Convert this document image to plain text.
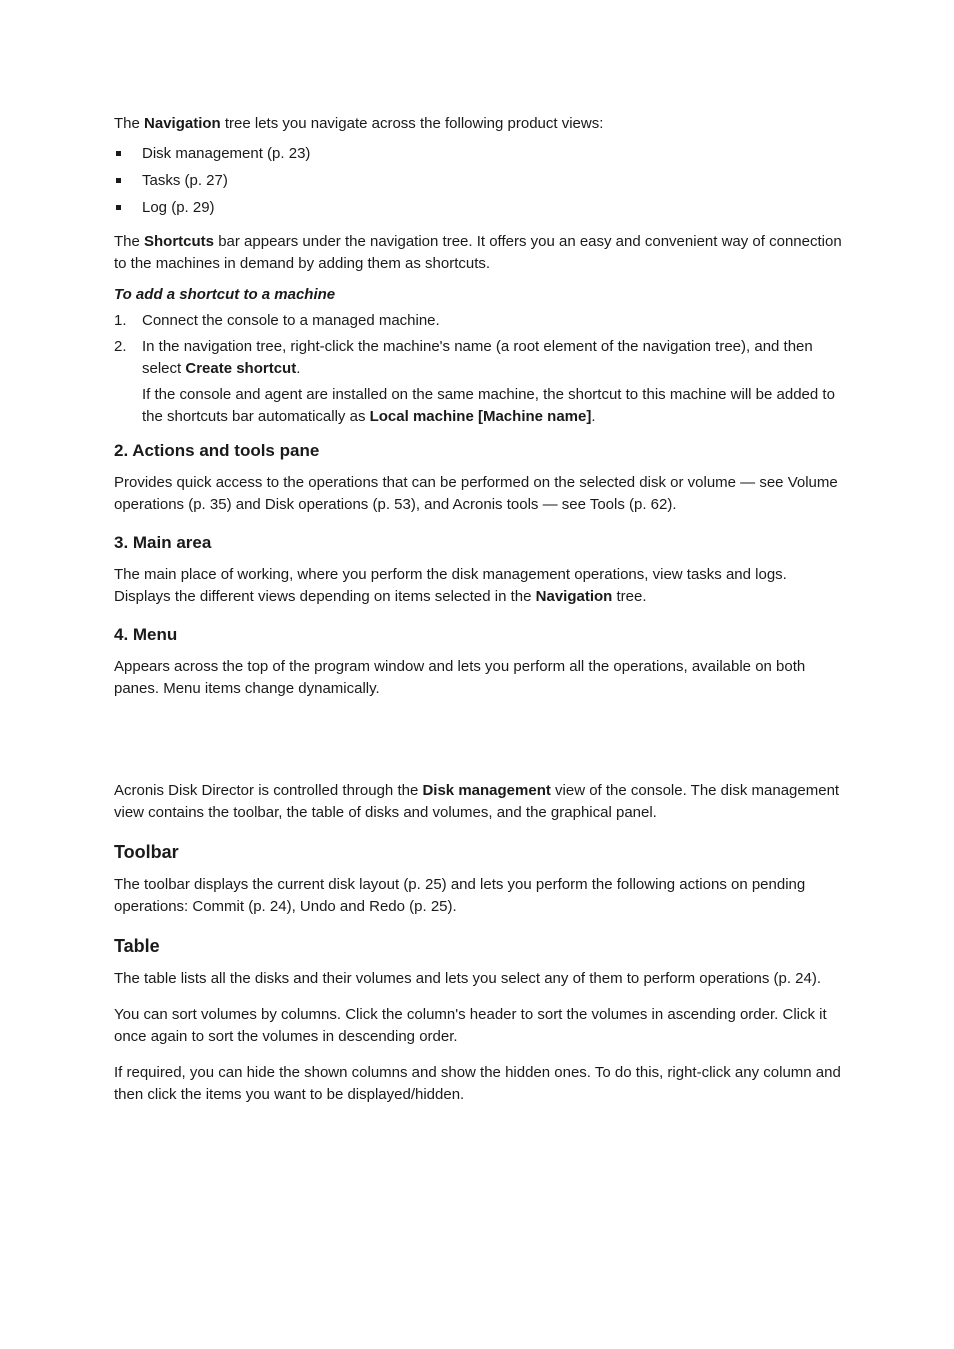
The Navigation tree lets you navigate across the following product views:

Disk management (p. 23)
Tasks (p. 27)
Log (p. 29)

The Shortcuts bar appears under the navigation tree. It offers you an easy and convenient way of connection to the machines in demand by adding them as shortcuts.

To add a shortcut to a machine

1. Connect the console to a managed machine.
2. In the navigation tree, right-click the machine's name (a root element of the navigation tree), and then select Create shortcut.

If the console and agent are installed on the same machine, the shortcut to this machine will be added to the shortcuts bar automatically as Local machine [Machine name].

2. Actions and tools pane

Provides quick access to the operations that can be performed on the selected disk or volume — see Volume operations (p. 35) and Disk operations (p. 53), and Acronis tools — see Tools (p. 62).

3. Main area

The main place of working, where you perform the disk management operations, view tasks and logs. Displays the different views depending on items selected in the Navigation tree.

4. Menu

Appears across the top of the program window and lets you perform all the operations, available on both panes. Menu items change dynamically.

Acronis Disk Director is controlled through the Disk management view of the console. The disk management view contains the toolbar, the table of disks and volumes, and the graphical panel.

Toolbar

The toolbar displays the current disk layout (p. 25) and lets you perform the following actions on pending operations: Commit (p. 24), Undo and Redo (p. 25).

Table

The table lists all the disks and their volumes and lets you select any of them to perform operations (p. 24).

You can sort volumes by columns. Click the column's header to sort the volumes in ascending order. Click it once again to sort the volumes in descending order.

If required, you can hide the shown columns and show the hidden ones. To do this, right-click any column and then click the items you want to be displayed/hidden.
